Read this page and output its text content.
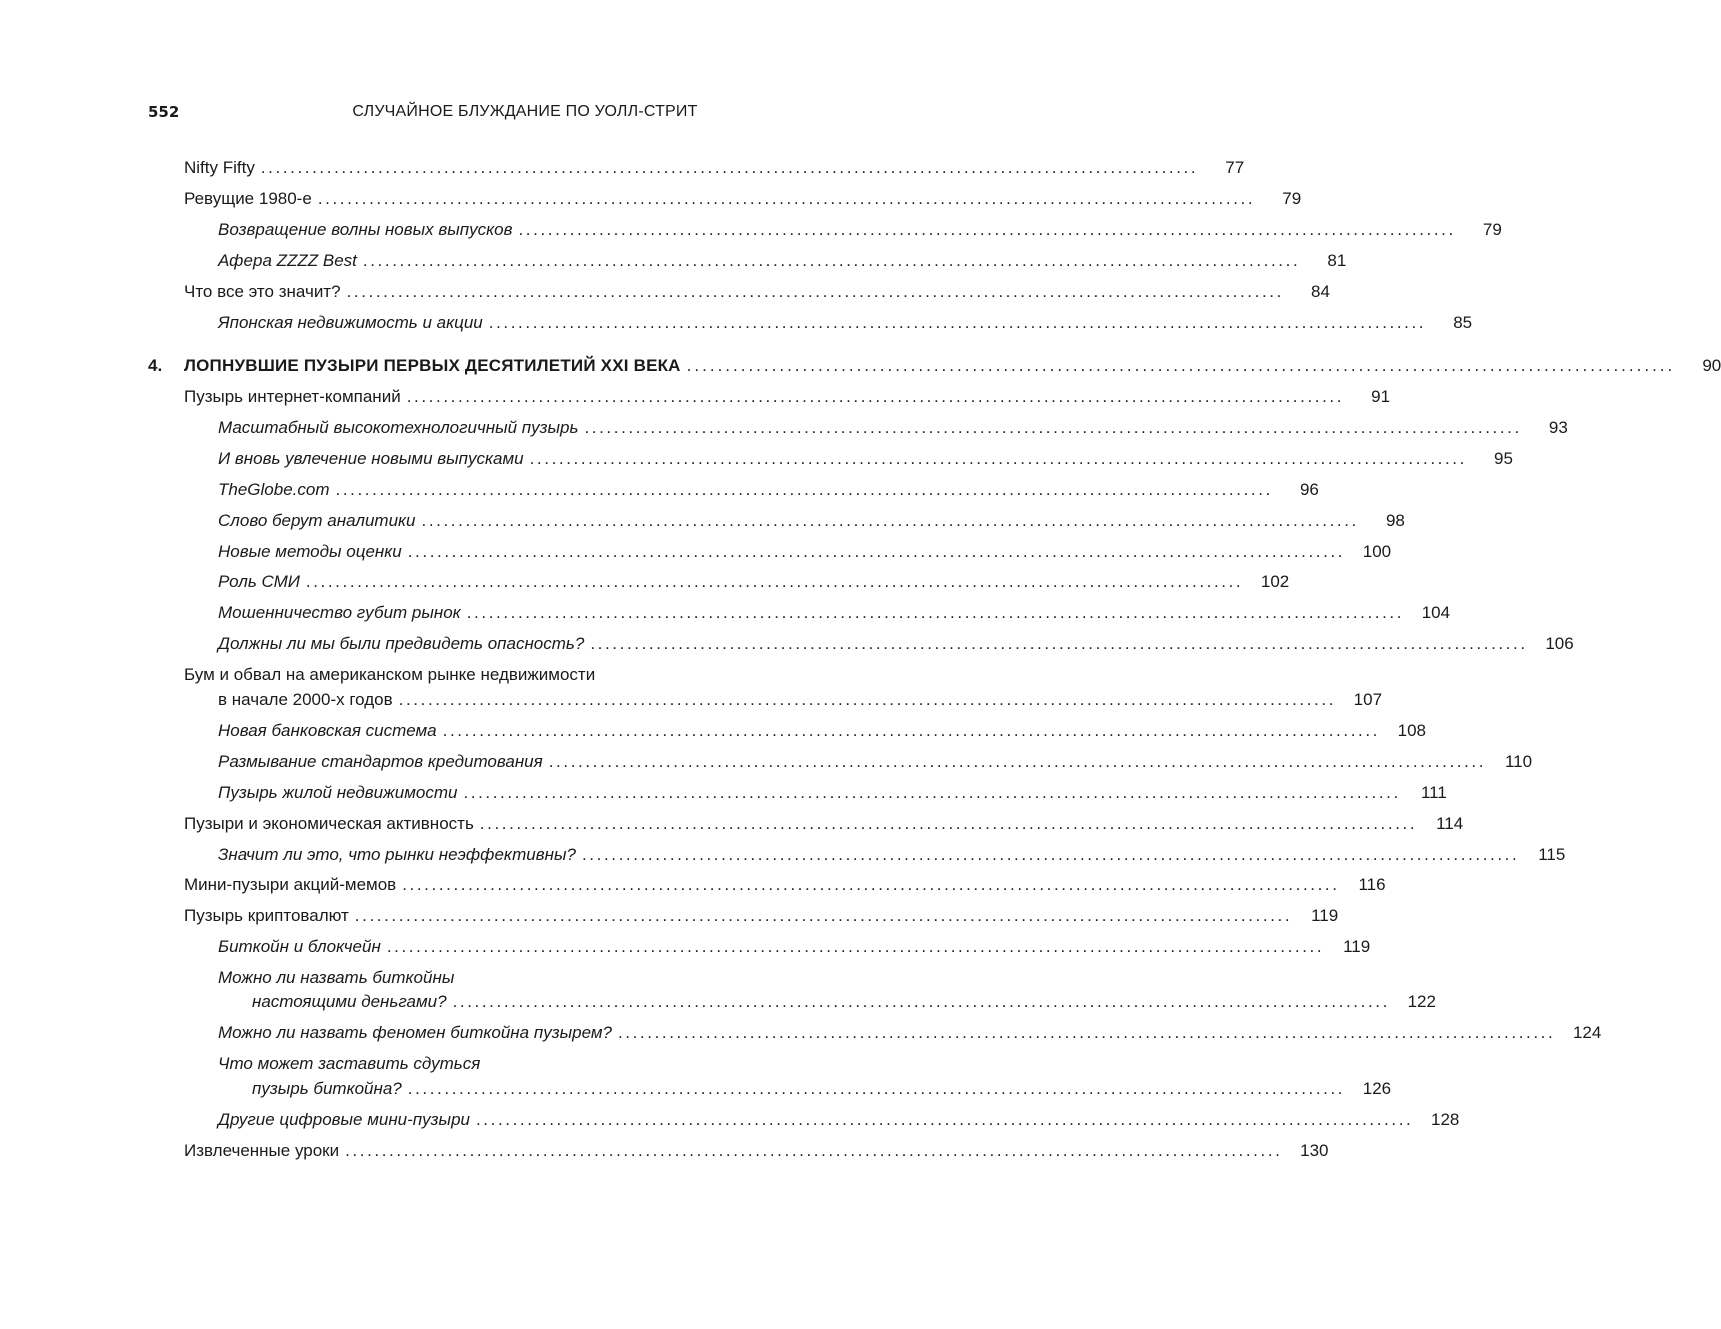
552	СЛУЧАЙНОЕ БЛУЖДАНИЕ ПО УОЛЛ-СТРИТ
Nifty Fifty ................................................................................................................................	77
Ревущие 1980-е ................................................................................................................................	79
Возвращение волны новых выпусков ................................................................................................................................	79
Афера ZZZZ Best ................................................................................................................................	81
Что все это значит? ................................................................................................................................	84
Японская недвижимость и акции ................................................................................................................................	85
4. ЛОПНУВШИЕ ПУЗЫРИ ПЕРВЫХ ДЕСЯТИЛЕТИЙ XXI ВЕКА ................................................................................................................................	90
Пузырь интернет-компаний ................................................................................................................................	91
Масштабный высокотехнологичный пузырь ................................................................................................................................	93
И вновь увлечение новыми выпусками ................................................................................................................................	95
TheGlobe.com ................................................................................................................................	96
Слово берут аналитики ................................................................................................................................	98
Новые методы оценки ................................................................................................................................	100
Роль СМИ ................................................................................................................................	102
Мошенничество губит рынок ................................................................................................................................	104
Должны ли мы были предвидеть опасность? ................................................................................................................................	106
Бум и обвал на американском рынке недвижимости
в начале 2000-х годов ................................................................................................................................	107
Новая банковская система ................................................................................................................................	108
Размывание стандартов кредитования ................................................................................................................................	110
Пузырь жилой недвижимости ................................................................................................................................	111
Пузыри и экономическая активность ................................................................................................................................	114
Значит ли это, что рынки неэффективны? ................................................................................................................................	115
Мини-пузыри акций-мемов ................................................................................................................................	116
Пузырь криптовалют ................................................................................................................................	119
Биткойн и блокчейн ................................................................................................................................	119
Можно ли назвать биткойны
настоящими деньгами? ................................................................................................................................	122
Можно ли назвать феномен биткойна пузырем? ................................................................................................................................	124
Что может заставить сдуться
пузырь биткойна? ................................................................................................................................	126
Другие цифровые мини-пузыри ................................................................................................................................	128
Извлеченные уроки ................................................................................................................................	130
